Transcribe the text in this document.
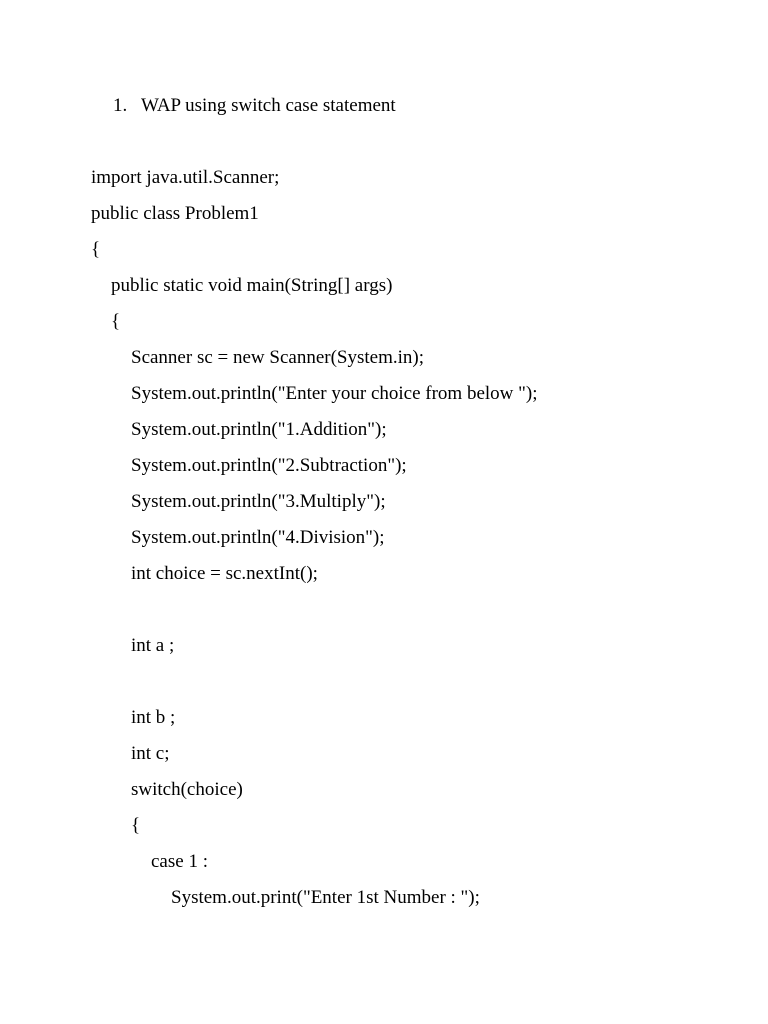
1. WAP using switch case statement
import java.util.Scanner;
public class Problem1
{
public static void main(String[] args)
{
Scanner sc = new Scanner(System.in);
System.out.println("Enter your choice from below ");
System.out.println("1.Addition");
System.out.println("2.Subtraction");
System.out.println("3.Multiply");
System.out.println("4.Division");
int choice = sc.nextInt();
int a ;
int b ;
int c;
switch(choice)
{
case 1 :
System.out.print("Enter 1st Number : ");
